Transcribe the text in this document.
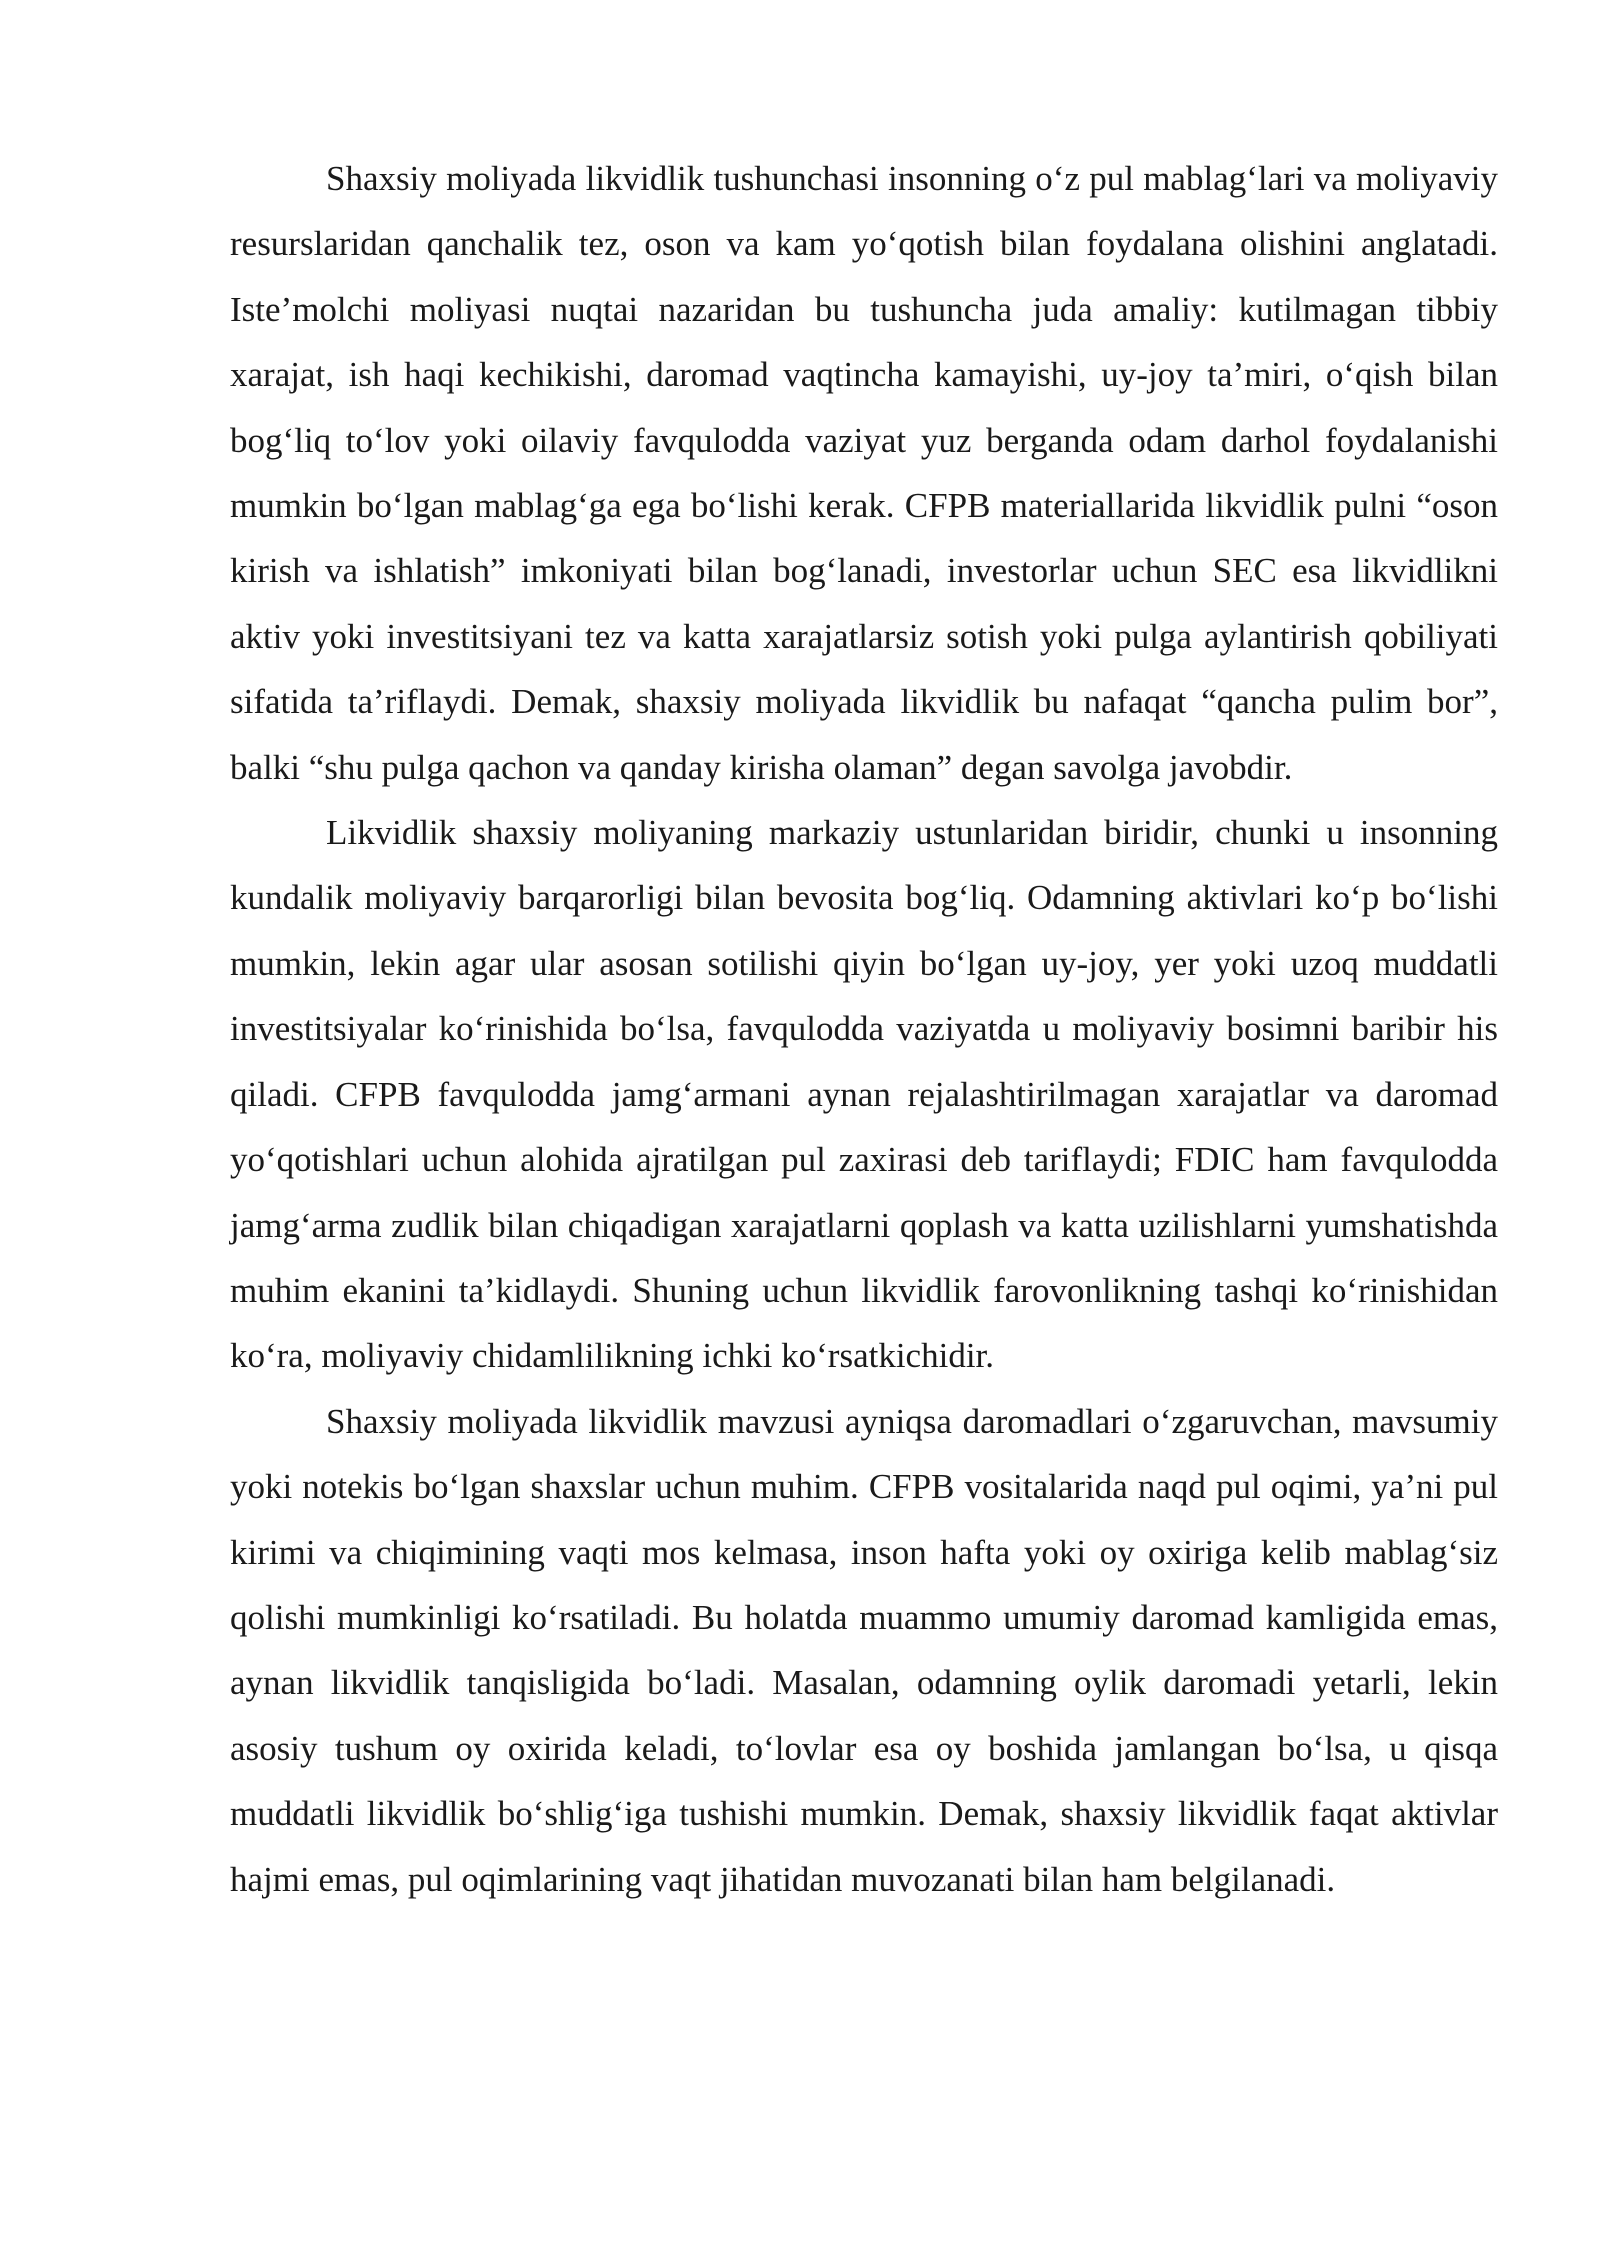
Shaxsiy moliyada likvidlik tushunchasi insonning o‘z pul mablag‘lari va moliyaviy resurslaridan qanchalik tez, oson va kam yo‘qotish bilan foydalana olishini anglatadi. Iste’molchi moliyasi nuqtai nazaridan bu tushuncha juda amaliy: kutilmagan tibbiy xarajat, ish haqi kechikishi, daromad vaqtincha kamayishi, uy-joy ta’miri, o‘qish bilan bog‘liq to‘lov yoki oilaviy favqulodda vaziyat yuz berganda odam darhol foydalanishi mumkin bo‘lgan mablag‘ga ega bo‘lishi kerak. CFPB materiallarida likvidlik pulni “oson kirish va ishlatish” imkoniyati bilan bog‘lanadi, investorlar uchun SEC esa likvidlikni aktiv yoki investitsiyani tez va katta xarajatlarsiz sotish yoki pulga aylantirish qobiliyati sifatida ta’riflaydi. Demak, shaxsiy moliyada likvidlik bu nafaqat “qancha pulim bor”, balki “shu pulga qachon va qanday kirisha olaman” degan savolga javobdir.

Likvidlik shaxsiy moliyaning markaziy ustunlaridan biridir, chunki u insonning kundalik moliyaviy barqarorligi bilan bevosita bog‘liq. Odamning aktivlari ko‘p bo‘lishi mumkin, lekin agar ular asosan sotilishi qiyin bo‘lgan uy-joy, yer yoki uzoq muddatli investitsiyalar ko‘rinishida bo‘lsa, favqulodda vaziyatda u moliyaviy bosimni baribir his qiladi. CFPB favqulodda jamg‘armani aynan rejalashtirilmagan xarajatlar va daromad yo‘qotishlari uchun alohida ajratilgan pul zaxirasi deb tariflaydi; FDIC ham favqulodda jamg‘arma zudlik bilan chiqadigan xarajatlarni qoplash va katta uzilishlarni yumshatishda muhim ekanini ta’kidlaydi. Shuning uchun likvidlik farovonlikning tashqi ko‘rinishidan ko‘ra, moliyaviy chidamlilikning ichki ko‘rsatkichidir.

Shaxsiy moliyada likvidlik mavzusi ayniqsa daromadlari o‘zgaruvchan, mavsumiy yoki notekis bo‘lgan shaxslar uchun muhim. CFPB vositalarida naqd pul oqimi, ya’ni pul kirimi va chiqimining vaqti mos kelmasa, inson hafta yoki oy oxiriga kelib mablag‘siz qolishi mumkinligi ko‘rsatiladi. Bu holatda muammo umumiy daromad kamligida emas, aynan likvidlik tanqisligida bo‘ladi. Masalan, odamning oylik daromadi yetarli, lekin asosiy tushum oy oxirida keladi, to‘lovlar esa oy boshida jamlangan bo‘lsa, u qisqa muddatli likvidlik bo‘shlig‘iga tushishi mumkin. Demak, shaxsiy likvidlik faqat aktivlar hajmi emas, pul oqimlarining vaqt jihatidan muvozanati bilan ham belgilanadi.
